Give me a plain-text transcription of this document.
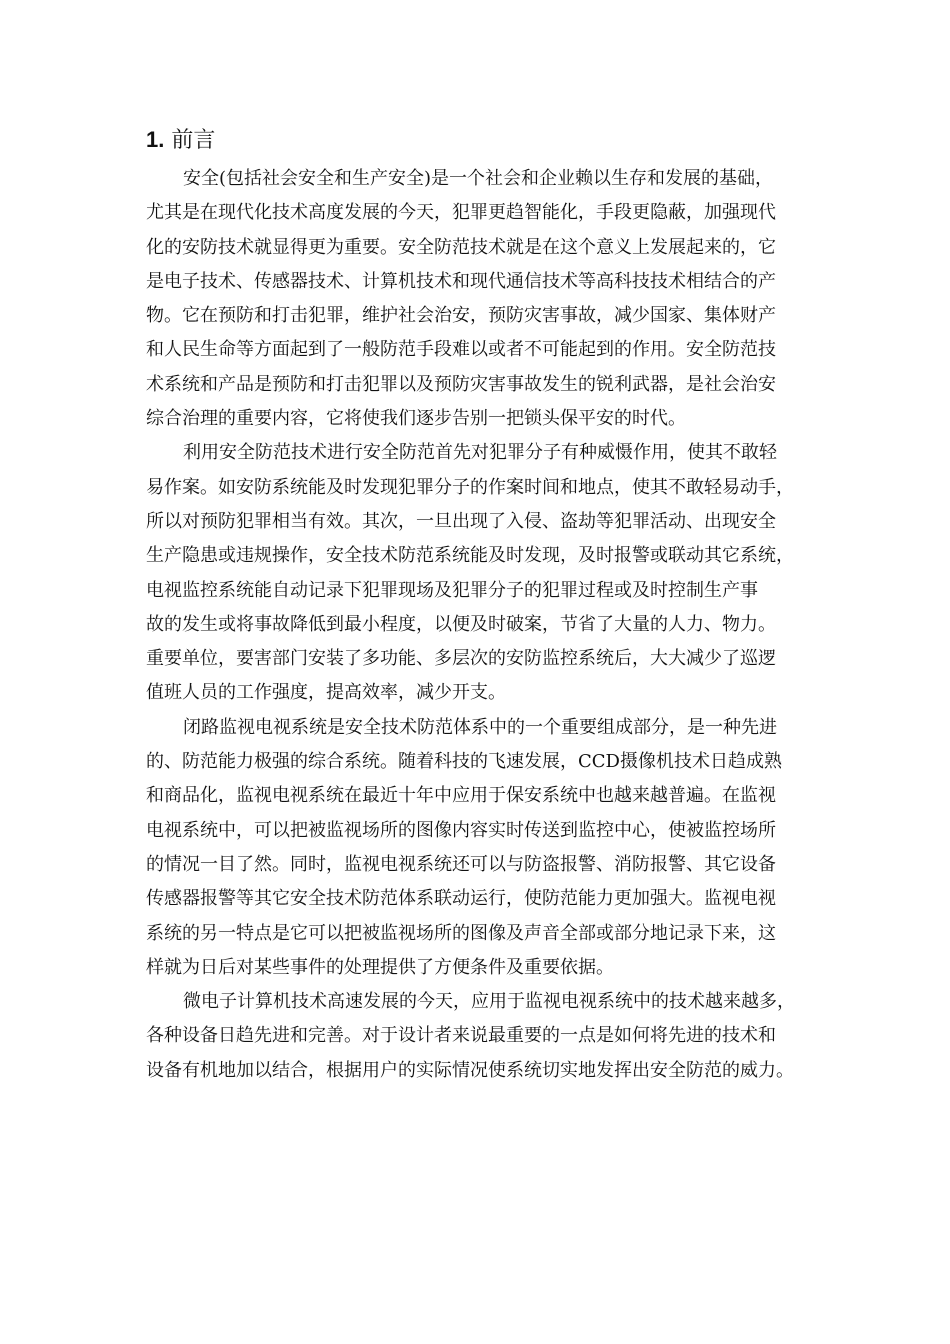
1. 前言

安全(包括社会安全和生产安全)是一个社会和企业赖以生存和发展的基础，

尤其是在现代化技术高度发展的今天，犯罪更趋智能化，手段更隐蔽，加强现代

化的安防技术就显得更为重要。安全防范技术就是在这个意义上发展起来的，它

是电子技术、传感器技术、计算机技术和现代通信技术等高科技技术相结合的产

物。它在预防和打击犯罪，维护社会治安，预防灾害事故，减少国家、集体财产

和人民生命等方面起到了一般防范手段难以或者不可能起到的作用。安全防范技

术系统和产品是预防和打击犯罪以及预防灾害事故发生的锐利武器，是社会治安

综合治理的重要内容，它将使我们逐步告别一把锁头保平安的时代。

利用安全防范技术进行安全防范首先对犯罪分子有种威慑作用，使其不敢轻

易作案。如安防系统能及时发现犯罪分子的作案时间和地点，使其不敢轻易动手，

所以对预防犯罪相当有效。其次，一旦出现了入侵、盗劫等犯罪活动、出现安全

生产隐患或违规操作，安全技术防范系统能及时发现，及时报警或联动其它系统，

电视监控系统能自动记录下犯罪现场及犯罪分子的犯罪过程或及时控制生产事

故的发生或将事故降低到最小程度，以便及时破案，节省了大量的人力、物力。

重要单位，要害部门安装了多功能、多层次的安防监控系统后，大大减少了巡逻

值班人员的工作强度，提高效率，减少开支。

闭路监视电视系统是安全技术防范体系中的一个重要组成部分，是一种先进

的、防范能力极强的综合系统。随着科技的飞速发展，CCD摄像机技术日趋成熟

和商品化，监视电视系统在最近十年中应用于保安系统中也越来越普遍。在监视

电视系统中，可以把被监视场所的图像内容实时传送到监控中心，使被监控场所

的情况一目了然。同时，监视电视系统还可以与防盗报警、消防报警、其它设备

传感器报警等其它安全技术防范体系联动运行，使防范能力更加强大。监视电视

系统的另一特点是它可以把被监视场所的图像及声音全部或部分地记录下来，这

样就为日后对某些事件的处理提供了方便条件及重要依据。

微电子计算机技术高速发展的今天，应用于监视电视系统中的技术越来越多，

各种设备日趋先进和完善。对于设计者来说最重要的一点是如何将先进的技术和

设备有机地加以结合，根据用户的实际情况使系统切实地发挥出安全防范的威力。
